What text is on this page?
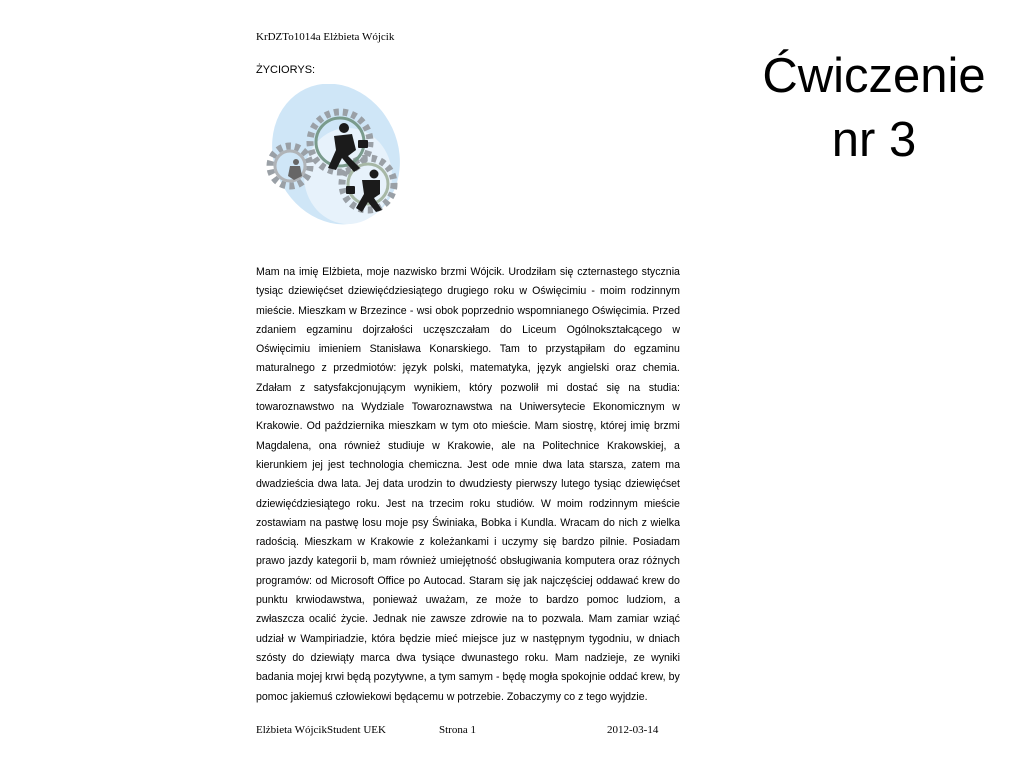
KrDZTo1014a Elżbieta Wójcik
ŻYCIORYS:
Mam na imię Elżbieta, moje nazwisko brzmi Wójcik. Urodziłam się czternastego stycznia
tysiąc dziewięćset dziewięćdziesiątego drugiego roku w Oświęcimiu - moim rodzinnym
mieście. Mieszkam w Brzezince - wsi obok poprzednio wspomnianego Oświęcimia. Przed
zdaniem egzaminu dojrzałości uczęszczałam do Liceum Ogólnokształcącego w
Oświęcimiu imieniem Stanisława Konarskiego. Tam to przystąpiłam do egzaminu
maturalnego z przedmiotów: język polski, matematyka, język angielski oraz chemia.
Zdałam z satysfakcjonującym wynikiem, który pozwolił mi dostać się na studia:
towaroznawstwo na Wydziale Towaroznawstwa na Uniwersytecie Ekonomicznym w
Krakowie. Od października mieszkam w tym oto mieście. Mam siostrę, której imię brzmi
Magdalena, ona również studiuje w Krakowie, ale na Politechnice Krakowskiej, a
kierunkiem jej jest technologia chemiczna. Jest ode mnie dwa lata starsza, zatem ma
dwadzieścia dwa lata. Jej data urodzin to dwudziesty pierwszy lutego tysiąc dziewięćset
dziewięćdziesiątego roku. Jest na trzecim roku studiów. W moim rodzinnym mieście
zostawiam na pastwę losu moje psy Świniaka, Bobka i Kundla. Wracam do nich z wielka
radością. Mieszkam w Krakowie z koleżankami i uczymy się bardzo pilnie. Posiadam
prawo jazdy kategorii b, mam również umiejętność obsługiwania komputera oraz różnych
programów: od Microsoft Office po Autocad. Staram się jak najczęściej oddawać krew do
punktu krwiodawstwa, ponieważ uważam, ze może to bardzo pomoc ludziom, a
zwłaszcza ocalić życie. Jednak nie zawsze zdrowie na to pozwala. Mam zamiar wziąć
udział w Wampiriadzie, która będzie mieć miejsce juz w następnym tygodniu, w dniach
szósty do dziewiąty marca dwa tysiące dwunastego roku. Mam nadzieje, ze wyniki
badania mojej krwi będą pozytywne, a tym samym - będę mogła spokojnie oddać krew, by
pomoc jakiemuś człowiekowi będącemu w potrzebie. Zobaczymy co z tego wyjdzie.
Elżbieta WójcikStudent UEK	Strona 1	2012-03-14
Ćwiczenie
nr 3
